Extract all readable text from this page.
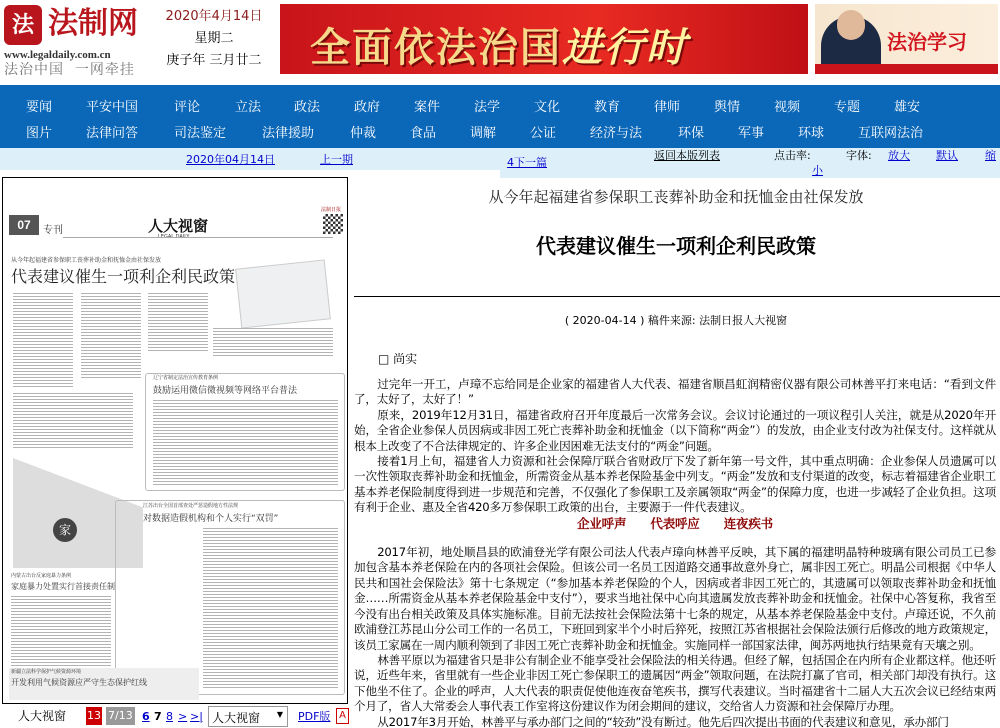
法 法制网
www.legaldaily.com.cn
法治中国  一网牵挂
2020年4月14日
星期二
庚子年 三月廿二	全面依法治国进行时	法治学习
要闻	平安中国	评论	立法	政法	政府	案件	法学	文化	教育	律师	舆情	视频	专题	雄安
图片	法律问答	司法鉴定	法律援助	仲裁	食品	调解	公证	经济与法	环保	军事	环球	互联网法治
2020年04月14日	上一期	4下一篇
返回本版列表	点击率:	字体: 放大 默认 缩
小
07	专刊	人大视窗
LEGAL DAILY
法制日报
从今年起福建省参保职工丧葬补助金和抚恤金由社保发放
代表建议催生一项利企利民政策
辽宁省制定法治宣传教育条例
鼓励运用微信微视频等网络平台普法
家
内蒙古出台反家庭暴力条例
家庭暴力处置实行首接责任制
江苏出台全国首部查处严惩造假地方性法规
对数据造假机构和个人实行“双罚”
新疆立法科学保护气候资源环境
开发利用气候资源应严守生态保护红线
人大视窗 13 7/13 6 7 8 > >| 人大视窗 ▼ PDF版 A
从今年起福建省参保职工丧葬补助金和抚恤金由社保发放
代表建议催生一项利企利民政策
( 2020-04-14 ) 稿件来源: 法制日报人大视窗
□ 尚实

过完年一开工，卢璋不忘给同是企业家的福建省人大代表、福建省顺昌虹润精密仪器有限公司林善平打来电话：“看到文件了，太好了，太好了！”

原来，2019年12月31日，福建省政府召开年度最后一次常务会议。会议讨论通过的一项议程引人关注，就是从2020年开始，全省企业参保人员因病或非因工死亡丧葬补助金和抚恤金（以下简称“两金”）的发放，由企业支付改为社保支付。这样就从根本上改变了不合法律规定的、许多企业因困难无法支付的“两金”问题。

接着1月上旬，福建省人力资源和社会保障厅联合省财政厅下发了新年第一号文件，其中重点明确：企业参保人员遗属可以一次性领取丧葬补助金和抚恤金，所需资金从基本养老保险基金中列支。“两金”发放和支付渠道的改变，标志着福建省企业职工基本养老保险制度得到进一步规范和完善，不仅强化了参保职工及亲属领取“两金”的保障力度，也进一步减轻了企业负担。这项有利于企业、惠及全省420多万参保职工政策的出台，主要源于一件代表建议。

企业呼声 代表呼应 连夜疾书

2017年初，地处顺昌县的欧浦登光学有限公司法人代表卢璋向林善平反映，其下属的福建明晶特种玻璃有限公司员工已参加包含基本养老保险在内的各项社会保险。但该公司一名员工因道路交通事故意外身亡，属非因工死亡。明晶公司根据《中华人民共和国社会保险法》第十七条规定（“参加基本养老保险的个人，因病或者非因工死亡的，其遗属可以领取丧葬补助金和抚恤金……所需资金从基本养老保险基金中支付”），要求当地社保中心向其遗属发放丧葬补助金和抚恤金。社保中心答复称，我省至今没有出台相关政策及具体实施标准。目前无法按社会保险法第十七条的规定，从基本养老保险基金中支付。卢璋还说，不久前欧浦登江苏昆山分公司工作的一名员工，下班回到家半个小时后猝死，按照江苏省根据社会保险法颁行后修改的地方政策规定，该员工家属在一周内顺利领到了非因工死亡丧葬补助金和抚恤金。实施同样一部国家法律，闽苏两地执行结果竟有天壤之别。

林善平原以为福建省只是非公有制企业不能享受社会保险法的相关待遇。但经了解，包括国企在内所有企业都这样。他还听说，近些年来，省里就有一些企业非因工死亡参保职工的遗属因“两金”领取问题，在法院打赢了官司，相关部门却没有执行。这下他坐不住了。企业的呼声，人大代表的职责促使他连夜奋笔疾书，撰写代表建议。当时福建省十二届人大五次会议已经结束两个月了，省人大常委会人事代表工作室将这份建议作为闭会期间的建议，交给省人力资源和社会保障厅办理。

从2017年3月开始，林善平与承办部门之间的“较劲”没有断过。他先后四次提出书面的代表建议和意见，承办部门
